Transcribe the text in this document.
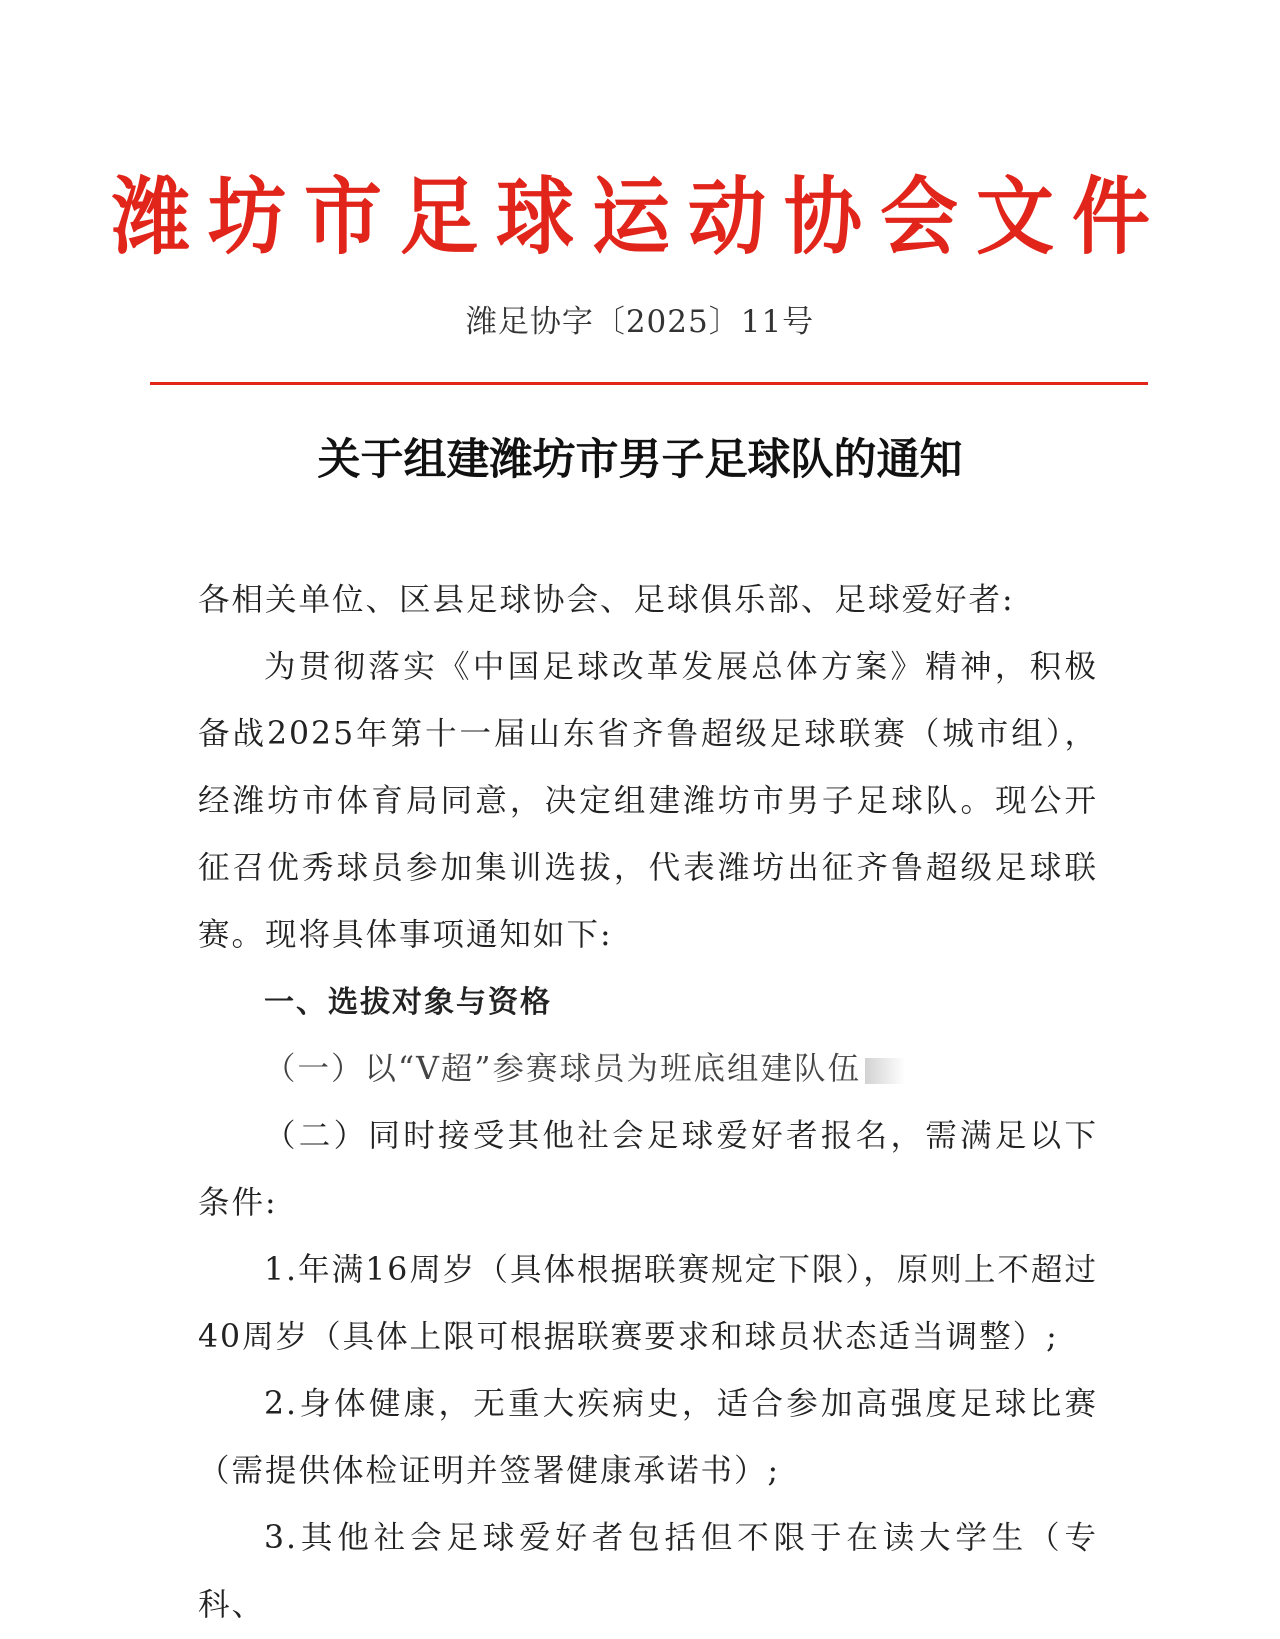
潍坊市足球运动协会文件
潍足协字〔2025〕11号
关于组建潍坊市男子足球队的通知

各相关单位、区县足球协会、足球俱乐部、足球爱好者:

为贯彻落实《中国足球改革发展总体方案》精神，积极备战2025年第十一届山东省齐鲁超级足球联赛（城市组），经潍坊市体育局同意，决定组建潍坊市男子足球队。现公开征召优秀球员参加集训选拔，代表潍坊出征齐鲁超级足球联赛。现将具体事项通知如下:

一、选拔对象与资格

（一）以“V超”参赛球员为班底组建队伍

（二）同时接受其他社会足球爱好者报名，需满足以下条件:

1.年满16周岁（具体根据联赛规定下限），原则上不超过40周岁（具体上限可根据联赛要求和球员状态适当调整）;

2.身体健康，无重大疾病史，适合参加高强度足球比赛（需提供体检证明并签署健康承诺书）;

3.其他社会足球爱好者包括但不限于在读大学生（专科、
